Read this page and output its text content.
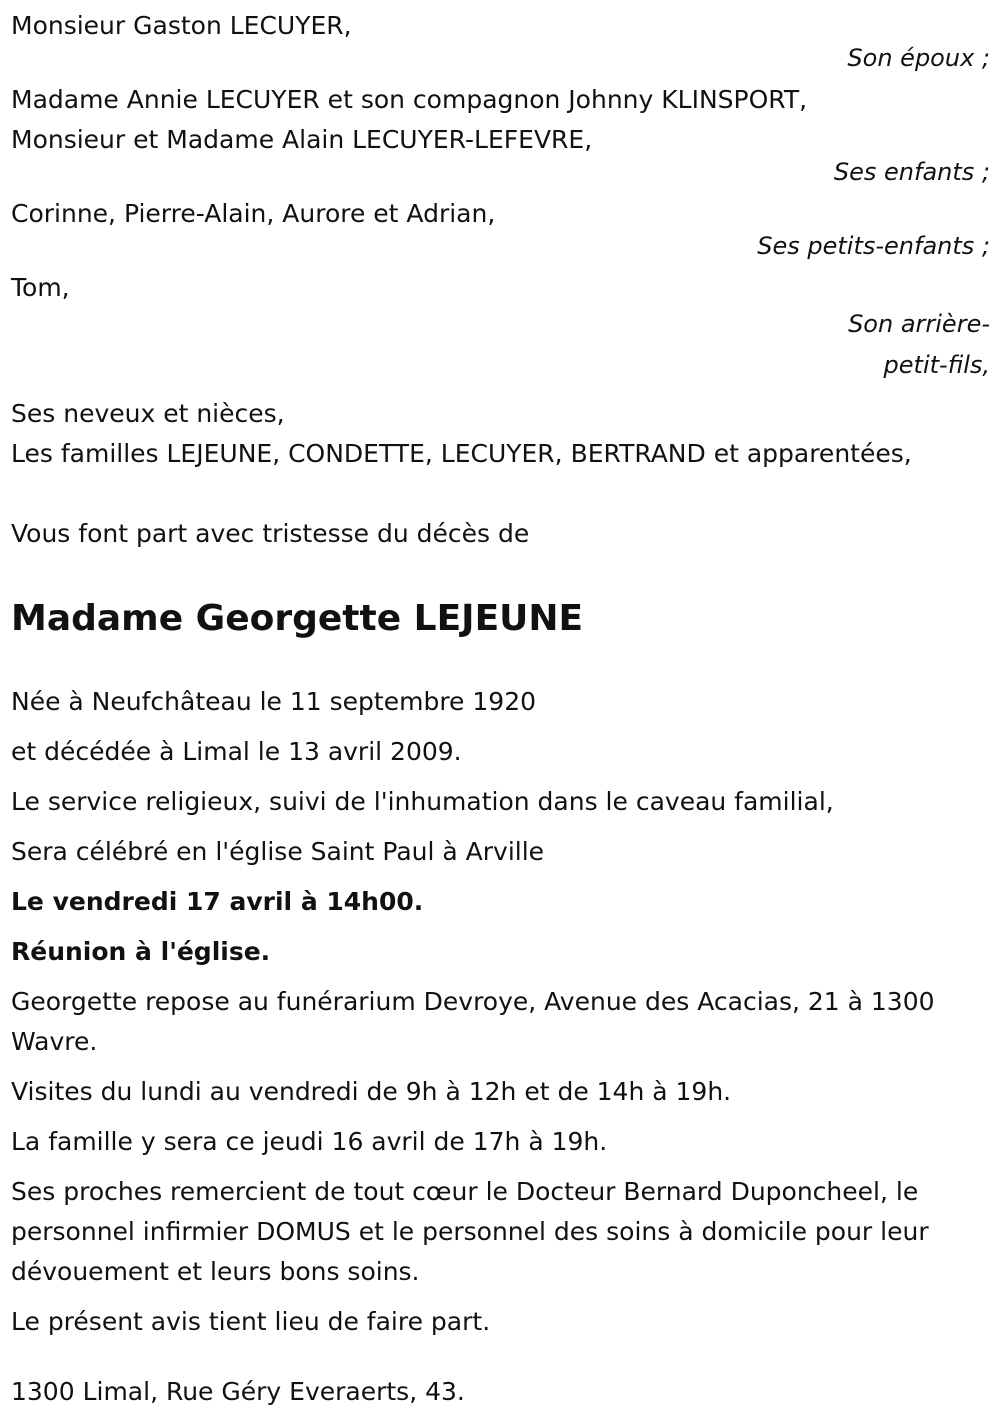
Monsieur Gaston LECUYER,
Son époux ;
Madame Annie LECUYER et son compagnon Johnny KLINSPORT,
Monsieur et Madame Alain LECUYER-LEFEVRE,
Ses enfants ;
Corinne, Pierre-Alain, Aurore et Adrian,
Ses petits-enfants ;
Tom,
Son arrière-
petit-fils,
Ses neveux et nièces,
Les familles LEJEUNE, CONDETTE, LECUYER, BERTRAND et apparentées,
Vous font part avec tristesse du décès de
Madame Georgette LEJEUNE
Née à Neufchâteau le 11 septembre 1920
et décédée à Limal le 13 avril 2009.
Le service religieux, suivi de l'inhumation dans le caveau familial,
Sera célébré en l'église Saint Paul à Arville
Le vendredi 17 avril à 14h00.
Réunion à l'église.
Georgette repose au funérarium Devroye, Avenue des Acacias, 21 à 1300 Wavre.
Visites du lundi au vendredi de 9h à 12h et de 14h à 19h.
La famille y sera ce jeudi 16 avril de 17h à 19h.
Ses proches remercient de tout cœur le Docteur Bernard Duponcheel, le personnel infirmier DOMUS et le personnel des soins à domicile pour leur dévouement et leurs bons soins.
Le présent avis tient lieu de faire part.
1300 Limal, Rue Géry Everaerts, 43.
